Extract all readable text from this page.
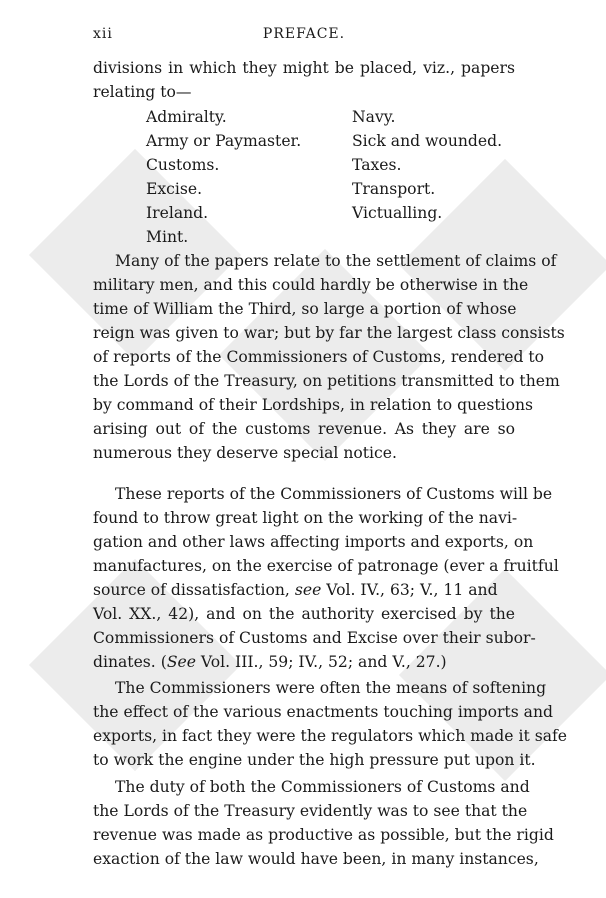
xii	PREFACE.
divisions in which they might be placed, viz., papers
relating to—
Admiralty.
Army or Paymaster.
Customs.
Excise.
Ireland.
Mint.
Navy.
Sick and wounded.
Taxes.
Transport.
Victualling.
Many of the papers relate to the settlement of claims of
military men, and this could hardly be otherwise in the
time of William the Third, so large a portion of whose
reign was given to war; but by far the largest class consists
of reports of the Commissioners of Customs, rendered to
the Lords of the Treasury, on petitions transmitted to them
by command of their Lordships, in relation to questions
arising out of the customs revenue. As they are so
numerous they deserve special notice.
These reports of the Commissioners of Customs will be
found to throw great light on the working of the navi-
gation and other laws affecting imports and exports, on
manufactures, on the exercise of patronage (ever a fruitful
source of dissatisfaction, see Vol. IV., 63; V., 11 and
Vol. XX., 42), and on the authority exercised by the
Commissioners of Customs and Excise over their subor-
dinates. (See Vol. III., 59; IV., 52; and V., 27.)
The Commissioners were often the means of softening
the effect of the various enactments touching imports and
exports, in fact they were the regulators which made it safe
to work the engine under the high pressure put upon it.
The duty of both the Commissioners of Customs and
the Lords of the Treasury evidently was to see that the
revenue was made as productive as possible, but the rigid
exaction of the law would have been, in many instances,
